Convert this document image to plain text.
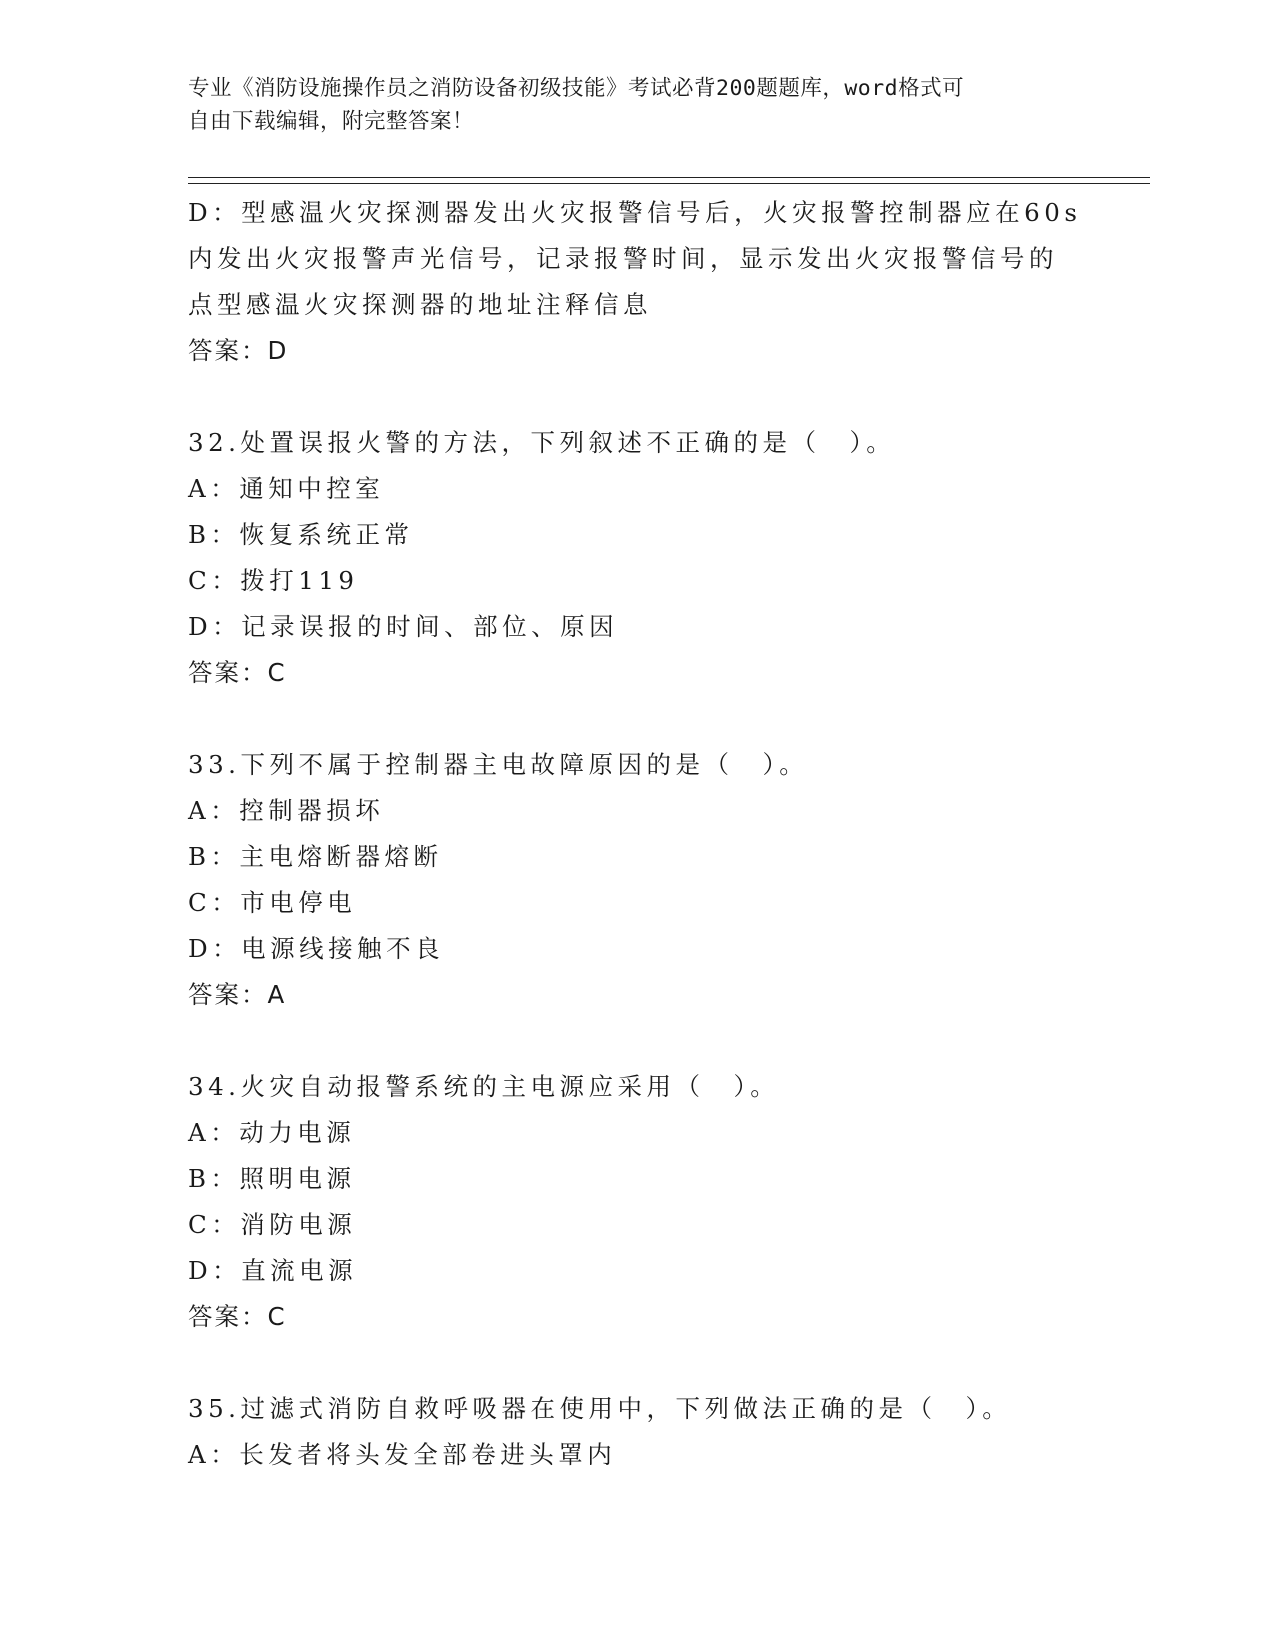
专业《消防设施操作员之消防设备初级技能》考试必背200题题库，word格式可
自由下载编辑，附完整答案！
D：型感温火灾探测器发出火灾报警信号后，火灾报警控制器应在60s
内发出火灾报警声光信号，记录报警时间，显示发出火灾报警信号的
点型感温火灾探测器的地址注释信息
答案：D
32.处置误报火警的方法，下列叙述不正确的是（　）。
A：通知中控室
B：恢复系统正常
C：拨打119
D：记录误报的时间、部位、原因
答案：C
33.下列不属于控制器主电故障原因的是（　）。
A：控制器损坏
B：主电熔断器熔断
C：市电停电
D：电源线接触不良
答案：A
34.火灾自动报警系统的主电源应采用（　）。
A：动力电源
B：照明电源
C：消防电源
D：直流电源
答案：C
35.过滤式消防自救呼吸器在使用中，下列做法正确的是（　）。
A：长发者将头发全部卷进头罩内
